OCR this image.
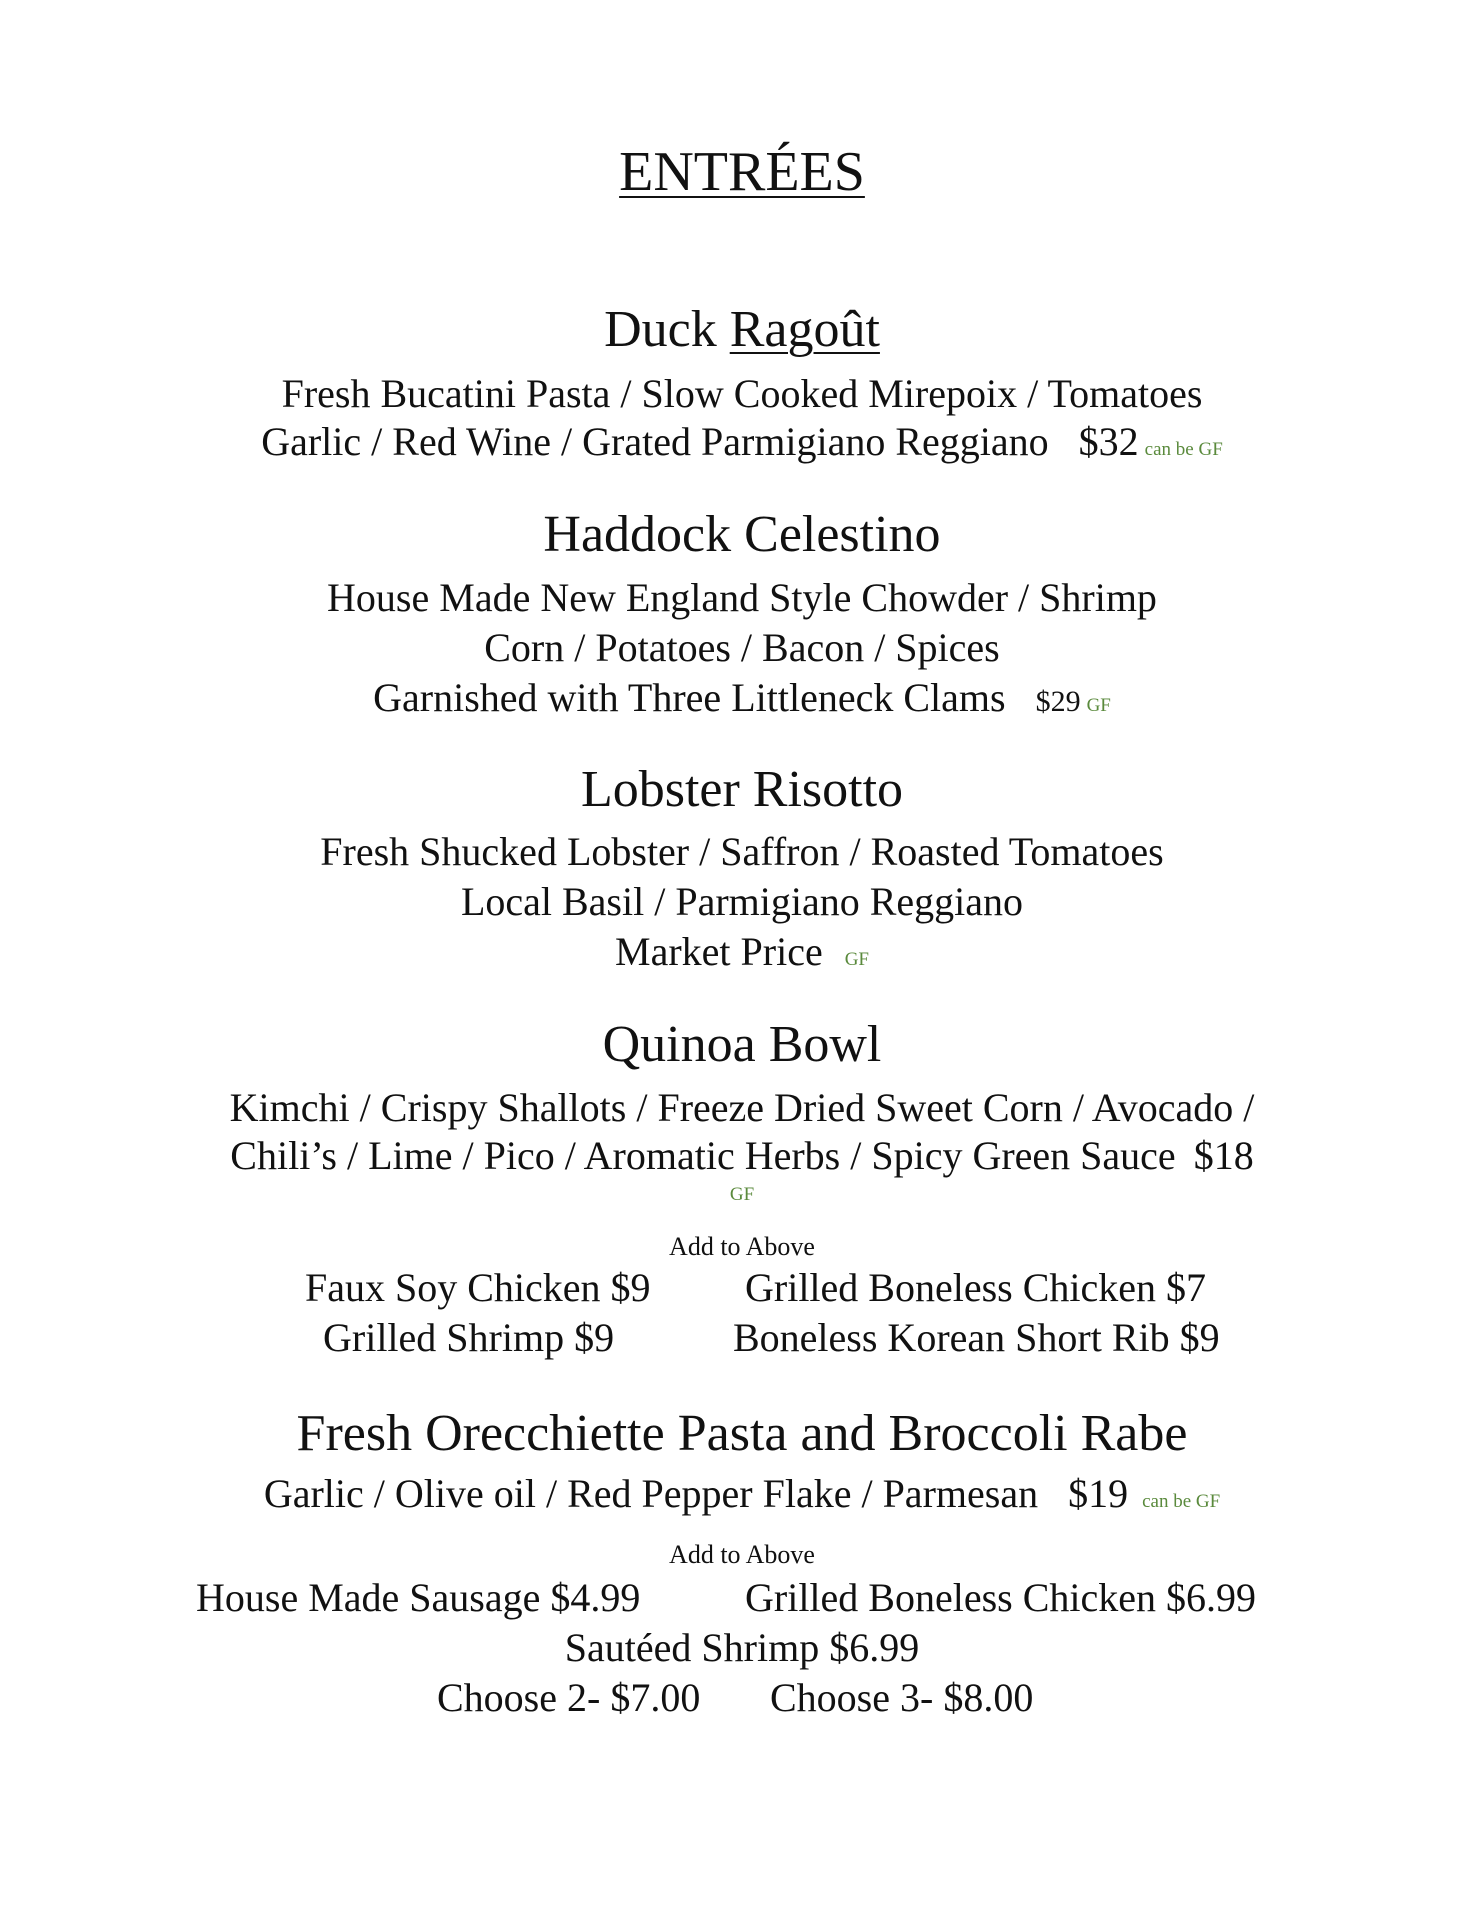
ENTRÉES
Duck Ragoût
Fresh Bucatini Pasta / Slow Cooked Mirepoix / Tomatoes
Garlic / Red Wine / Grated Parmigiano Reggiano $32 can be GF
Haddock Celestino
House Made New England Style Chowder / Shrimp
Corn / Potatoes / Bacon / Spices
Garnished with Three Littleneck Clams $29 GF
Lobster Risotto
Fresh Shucked Lobster / Saffron / Roasted Tomatoes
Local Basil / Parmigiano Reggiano
Market Price GF
Quinoa Bowl
Kimchi / Crispy Shallots / Freeze Dried Sweet Corn / Avocado /
Chili’s / Lime / Pico / Aromatic Herbs / Spicy Green Sauce $18
GF
Add to Above
Faux Soy Chicken $9 Grilled Boneless Chicken $7
Grilled Shrimp $9	Boneless Korean Short Rib $9
Fresh Orecchiette Pasta and Broccoli Rabe
Garlic / Olive oil / Red Pepper Flake / Parmesan $19 can be GF
Add to Above
House Made Sausage $4.99	Grilled Boneless Chicken $6.99
Sautéed Shrimp $6.99
Choose 2- $7.00 Choose 3- $8.00
